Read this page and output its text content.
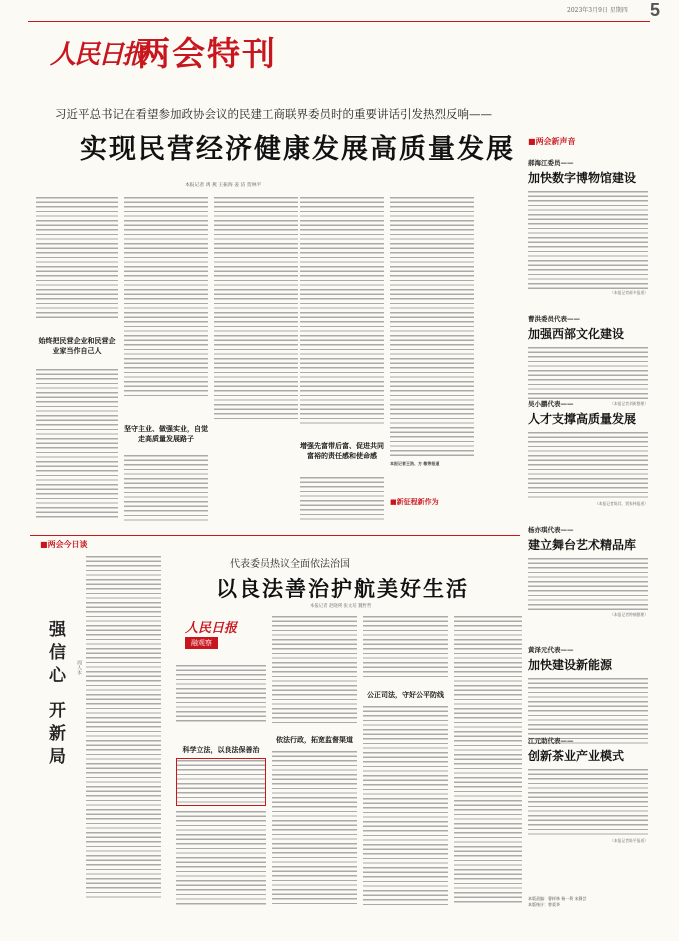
2023年3月9日 星期四 5
人民日报
两会特刊
习近平总书记在看望参加政协会议的民建工商联界委员时的重要讲话引发热烈反响——
实现民营经济健康发展高质量发展
本报记者 禹 燕 王振海 姜 洁 贺林平
始终把民营企业和民营企业家当作自己人
坚守主业、做强实业，自觉走高质量发展路子
增强先富带后富、促进共同富裕的责任感和使命感
■新征程新作为
本报记者王浩、方 敏等报道
■两会新声音
郝海江委员——
加快数字博物馆建设
（本报记者郝多报道）
曹洪委员代表——
加强西部文化建设
（本报记者刘新整理）
吴小鹏代表——
人才支撑高质量发展
（本报记者陈其、贾家林报道）
杨亦琪代表——
建立舞台艺术精品库
（本报记者钟楠整理）
黄泽元代表——
加快建设新能源
江元助代表——
创新茶业产业模式
（本报记者陈平报道）
本版责编：曹样林 杨一利 宋静芸
本版统计：曾爱华
■两会今日谈
强信心 开新局	周人木
代表委员热议全面依法治国
以良法善治护航美好生活
本报记者 赵晓瑛 张文培 魏哲哲
人民日报
融观察
科学立法，以良法保善治
依法行政，拓宽监督渠道
公正司法，守好公平防线
